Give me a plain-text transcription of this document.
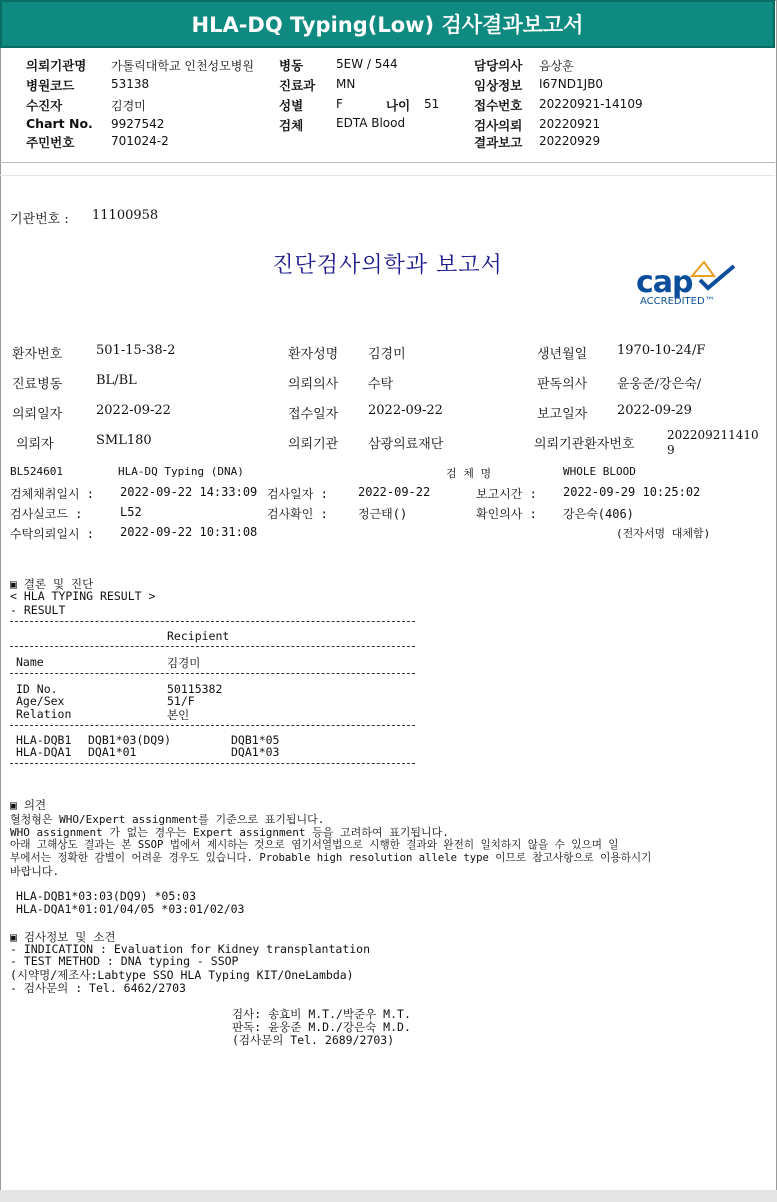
HLA-DQ Typing(Low) 검사결과보고서
의뢰기관명 가톨릭대학교 인천성모병원
병원코드	53138
수진자	김경미
Chart No. 9927542
주민번호	701024-2
병동	5EW / 544
진료과 MN
성별	F	나이 51
검체	EDTA Blood
담당의사 음상훈
임상정보 I67ND1JB0
접수번호 20220921-14109
검사의뢰 20220921
결과보고 20220929
기관번호 : 11100958
진단검사의학과 보고서	cap
ACCREDITED™
환자번호	501-15-38-2	환자성명 김경미	생년월일 1970-10-24/F
진료병동	BL/BL	의뢰의사 수탁	판독의사 윤웅준/강은숙/
의뢰일자	2022-09-22	접수일자 2022-09-22	보고일자 2022-09-29
의뢰자	SML180	의뢰기관 삼광의료재단	의뢰기관환자번호
202209211410
9
BL524601	HLA-DQ Typing (DNA)	검 체 명	WHOLE BLOOD
검체채취일시 : 2022-09-22 14:33:09 검사일자 :	2022-09-22	보고시간 : 2022-09-29 10:25:02
검사실코드 :	L52	검사확인 :	정근태()	확인의사 : 강은숙(406)
수탁의뢰일시 : 2022-09-22 10:31:08	(전자서명 대체함)
▣ 결론 및 진단
< HLA TYPING RESULT >
- RESULT
Recipient
Name	김경미
ID No.	50115382
Age/Sex	51/F
Relation	본인
HLA-DQB1 DQB1*03(DQ9)	DQB1*05
HLA-DQA1 DQA1*01	DQA1*03
▣ 의견
혈청형은 WHO/Expert assignment를 기준으로 표기됩니다.
WHO assignment 가 없는 경우는 Expert assignment 등을 고려하여 표기됩니다.
아래 고해상도 결과는 본 SSOP 법에서 제시하는 것으로 염기서열법으로 시행한 결과와 완전히 일치하지 않을 수 있으며 일
부에서는 정확한 감별이 어려운 경우도 있습니다. Probable high resolution allele type 이므로 참고사항으로 이용하시기
바랍니다.
HLA-DQB1*03:03(DQ9) *05:03
HLA-DQA1*01:01/04/05 *03:01/02/03
▣ 검사정보 및 소견
- INDICATION : Evaluation for Kidney transplantation
- TEST METHOD : DNA typing - SSOP
(시약명/제조사:Labtype SSO HLA Typing KIT/OneLambda)
- 검사문의 : Tel. 6462/2703
검사: 송효비 M.T./박준우 M.T.
판독: 윤웅준 M.D./강은숙 M.D.
(검사문의 Tel. 2689/2703)
